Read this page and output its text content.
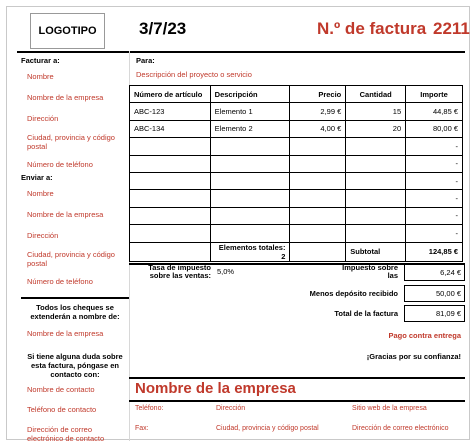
LOGOTIPO	3/7/23	N.º de factura 2211
Facturar a:
Nombre
Nombre de la empresa
Dirección
Ciudad, provincia y código postal
Número de teléfono
Enviar a:
Nombre
Nombre de la empresa
Dirección
Ciudad, provincia y código postal
Número de teléfono
Todos los cheques se extenderán a nombre de:
Nombre de la empresa
Si tiene alguna duda sobre esta factura, póngase en contacto con:
Nombre de contacto
Teléfono de contacto
Dirección de correo electrónico de contacto
Para:
Descripción del proyecto o servicio
Número de artículo	Descripción	Precio	Cantidad	Importe
ABC-123	Elemento 1	2,99 €	15	44,85 €
ABC-134	Elemento 2	4,00 €	20	80,00 €
				-
				-
				-
				-
				-
				-
	Elementos totales: 2		Subtotal	124,85 €
Tasa de impuesto sobre las ventas: 5,0%	Impuesto sobre las	6,24 €
Menos depósito recibido	50,00 €
Total de la factura	81,09 €
Pago contra entrega
¡Gracias por su confianza!
Nombre de la empresa
Teléfono:	Dirección	Sitio web de la empresa
Fax:	Ciudad, provincia y código postal	Dirección de correo electrónico
